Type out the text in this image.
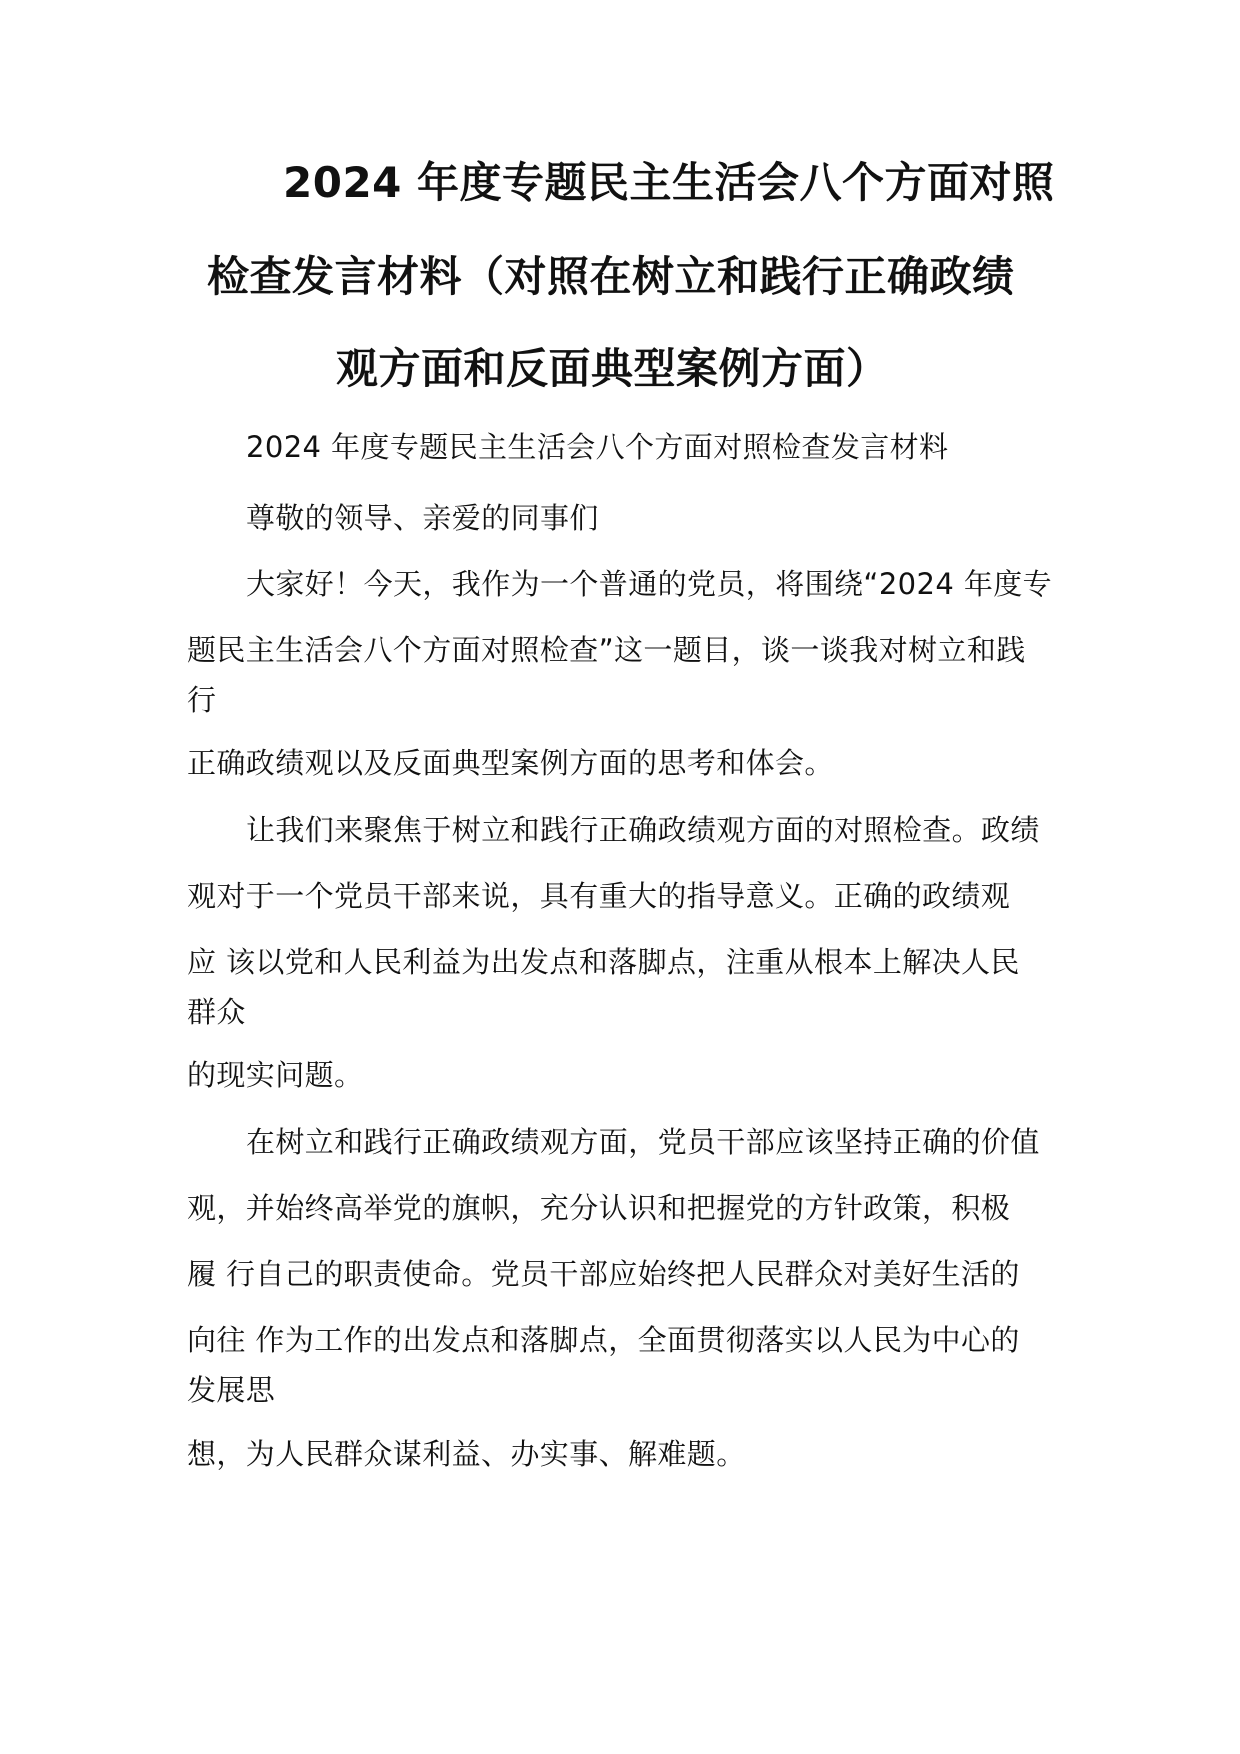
2024 年度专题民主生活会八个方面对照
检查发言材料（对照在树立和践行正确政绩
观方面和反面典型案例方面）
2024 年度专题民主生活会八个方面对照检查发言材料
尊敬的领导、亲爱的同事们
大家好！今天，我作为一个普通的党员，将围绕“2024 年度专
题民主生活会八个方面对照检查”这一题目，谈一谈我对树立和践
行
正确政绩观以及反面典型案例方面的思考和体会。
让我们来聚焦于树立和践行正确政绩观方面的对照检查。政绩
观对于一个党员干部来说，具有重大的指导意义。正确的政绩观
应 该以党和人民利益为出发点和落脚点，注重从根本上解决人民
群众
的现实问题。
在树立和践行正确政绩观方面，党员干部应该坚持正确的价值
观，并始终高举党的旗帜，充分认识和把握党的方针政策，积极
履 行自己的职责使命。党员干部应始终把人民群众对美好生活的
向往 作为工作的出发点和落脚点，全面贯彻落实以人民为中心的
发展思
想，为人民群众谋利益、办实事、解难题。
